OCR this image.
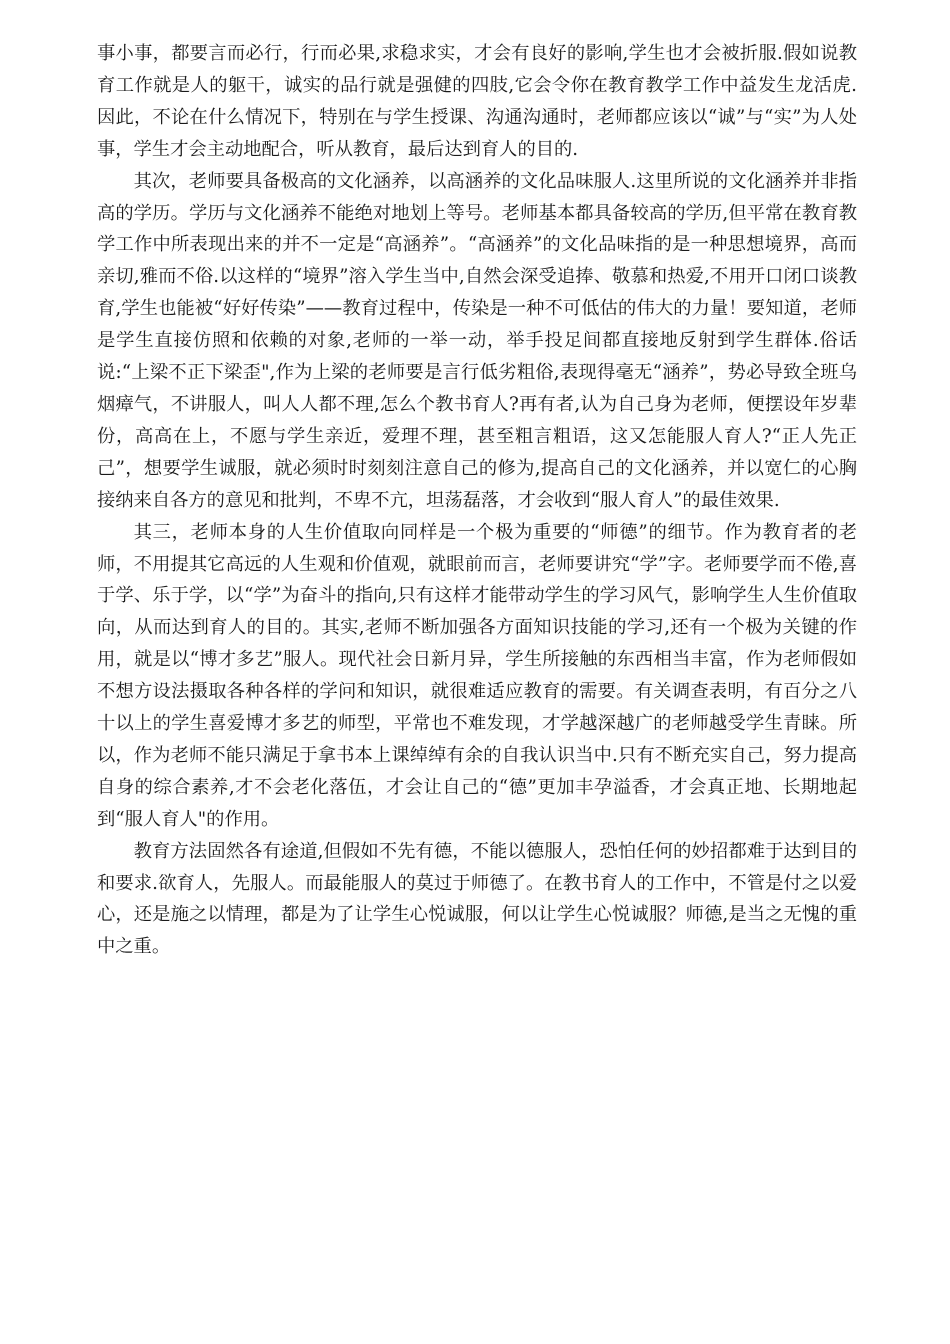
事小事，都要言而必行，行而必果,求稳求实，才会有良好的影响,学生也才会被折服.假如说教育工作就是人的躯干，诚实的品行就是强健的四肢,它会令你在教育教学工作中益发生龙活虎.因此，不论在什么情况下，特别在与学生授课、沟通沟通时，老师都应该以“诚”与“实”为人处事，学生才会主动地配合，听从教育，最后达到育人的目的.

其次，老师要具备极高的文化涵养，以高涵养的文化品味服人.这里所说的文化涵养并非指高的学历。学历与文化涵养不能绝对地划上等号。老师基本都具备较高的学历,但平常在教育教学工作中所表现出来的并不一定是“高涵养”。“高涵养”的文化品味指的是一种思想境界，高而亲切,雅而不俗.以这样的“境界”溶入学生当中,自然会深受追捧、敬慕和热爱,不用开口闭口谈教育,学生也能被“好好传染”——教育过程中，传染是一种不可低估的伟大的力量！要知道，老师是学生直接仿照和依赖的对象,老师的一举一动，举手投足间都直接地反射到学生群体.俗话说:“上梁不正下梁歪",作为上梁的老师要是言行低劣粗俗,表现得毫无“涵养”，势必导致全班乌烟瘴气，不讲服人，叫人人都不理,怎么个教书育人?再有者,认为自己身为老师，便摆设年岁辈份，高高在上，不愿与学生亲近，爱理不理，甚至粗言粗语，这又怎能服人育人?“正人先正己”，想要学生诚服，就必须时时刻刻注意自己的修为,提高自己的文化涵养，并以宽仁的心胸接纳来自各方的意见和批判，不卑不亢，坦荡磊落，才会收到“服人育人”的最佳效果.

其三，老师本身的人生价值取向同样是一个极为重要的“师德”的细节。作为教育者的老师，不用提其它高远的人生观和价值观，就眼前而言，老师要讲究“学”字。老师要学而不倦,喜于学、乐于学，以“学”为奋斗的指向,只有这样才能带动学生的学习风气，影响学生人生价值取向，从而达到育人的目的。其实,老师不断加强各方面知识技能的学习,还有一个极为关键的作用，就是以“博才多艺”服人。现代社会日新月异，学生所接触的东西相当丰富，作为老师假如不想方设法摄取各种各样的学问和知识，就很难适应教育的需要。有关调查表明，有百分之八十以上的学生喜爱博才多艺的师型，平常也不难发现，才学越深越广的老师越受学生青睐。所以，作为老师不能只满足于拿书本上课绰绰有余的自我认识当中.只有不断充实自己，努力提高自身的综合素养,才不会老化落伍，才会让自己的“德”更加丰孕溢香，才会真正地、长期地起到“服人育人"的作用。

教育方法固然各有途道,但假如不先有德，不能以德服人，恐怕任何的妙招都难于达到目的和要求.欲育人，先服人。而最能服人的莫过于师德了。在教书育人的工作中，不管是付之以爱心，还是施之以情理，都是为了让学生心悦诚服，何以让学生心悦诚服？师德,是当之无愧的重中之重。
